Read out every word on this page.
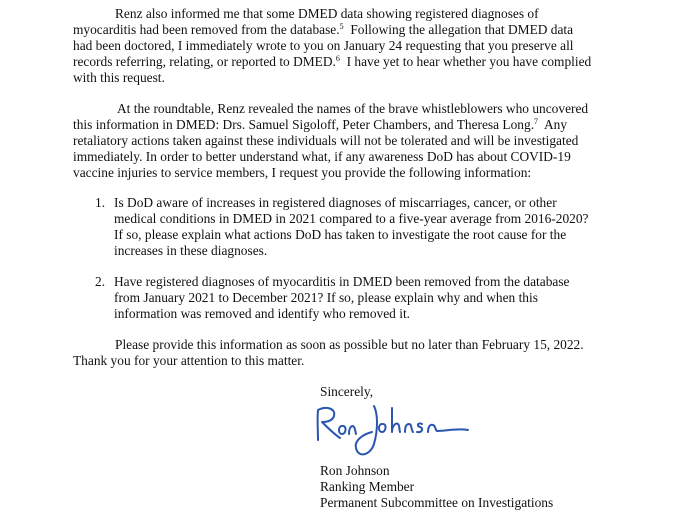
Renz also informed me that some DMED data showing registered diagnoses of
myocarditis had been removed from the database.$^5$ Following the allegation that DMED data
had been doctored, I immediately wrote to you on January 24 requesting that you preserve all
records referring, relating, or reported to DMED.$^6$ I have yet to hear whether you have complied
with this request.
At the roundtable, Renz revealed the names of the brave whistleblowers who uncovered
this information in DMED: Drs. Samuel Sigoloff, Peter Chambers, and Theresa Long.$^7$ Any
retaliatory actions taken against these individuals will not be tolerated and will be investigated
immediately. In order to better understand what, if any awareness DoD has about COVID-19
vaccine injuries to service members, I request you provide the following information:
1. Is DoD aware of increases in registered diagnoses of miscarriages, cancer, or other
medical conditions in DMED in 2021 compared to a five-year average from 2016-2020?
If so, please explain what actions DoD has taken to investigate the root cause for the
increases in these diagnoses.
2. Have registered diagnoses of myocarditis in DMED been removed from the database
from January 2021 to December 2021? If so, please explain why and when this
information was removed and identify who removed it.
Please provide this information as soon as possible but no later than February 15, 2022.
Thank you for your attention to this matter.
Sincerely,
Ron Johnson
Ranking Member
Permanent Subcommittee on Investigations
